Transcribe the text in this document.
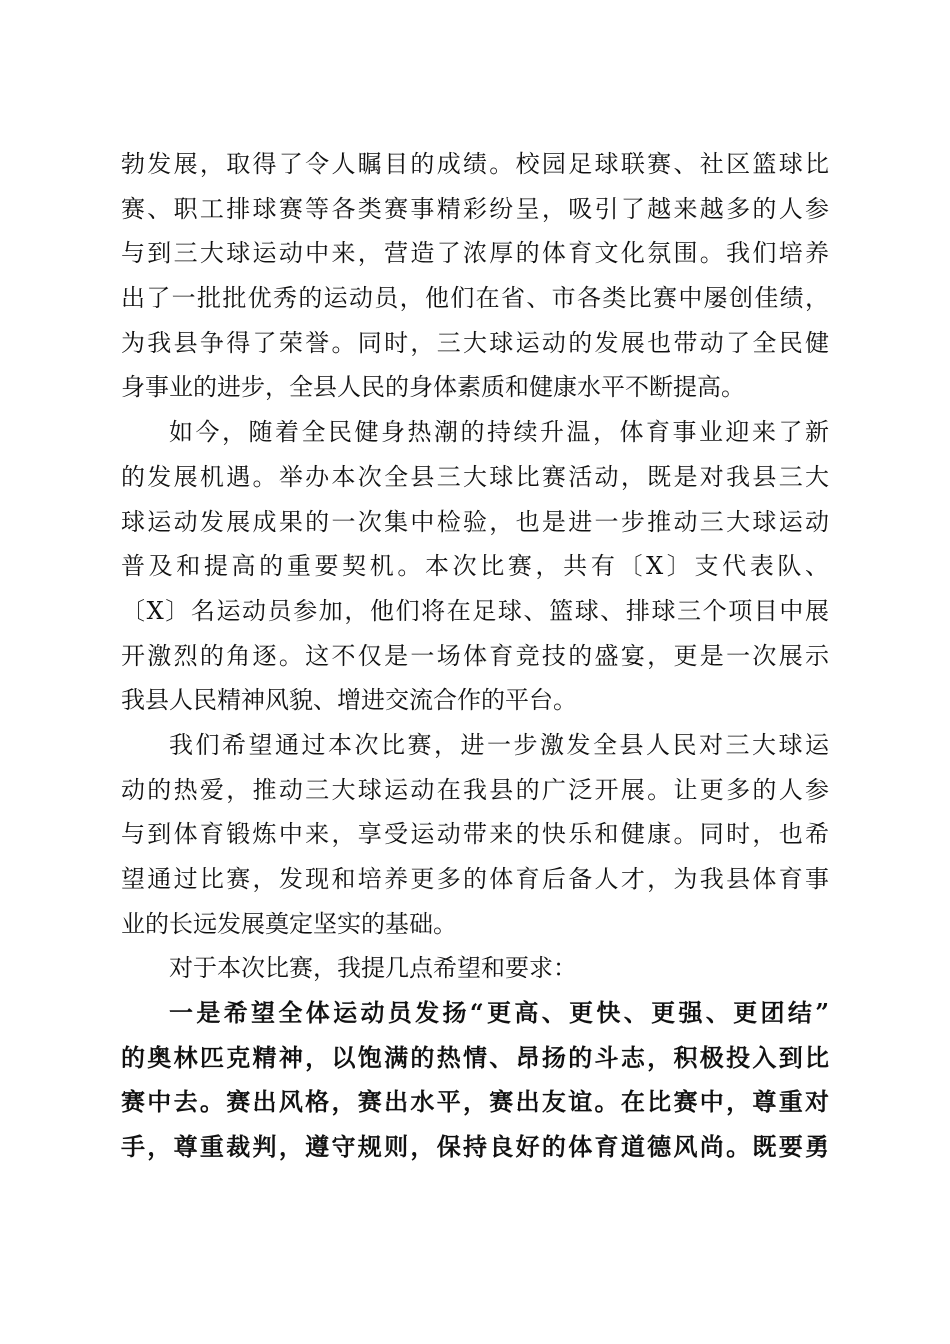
勃发展，取得了令人瞩目的成绩。校园足球联赛、社区篮球比
赛、职工排球赛等各类赛事精彩纷呈，吸引了越来越多的人参
与到三大球运动中来，营造了浓厚的体育文化氛围。我们培养
出了一批批优秀的运动员，他们在省、市各类比赛中屡创佳绩，
为我县争得了荣誉。同时，三大球运动的发展也带动了全民健
身事业的进步，全县人民的身体素质和健康水平不断提高。
如今，随着全民健身热潮的持续升温，体育事业迎来了新
的发展机遇。举办本次全县三大球比赛活动，既是对我县三大
球运动发展成果的一次集中检验，也是进一步推动三大球运动
普及和提高的重要契机。本次比赛，共有〔X〕支代表队、
〔X〕名运动员参加，他们将在足球、篮球、排球三个项目中展
开激烈的角逐。这不仅是一场体育竞技的盛宴，更是一次展示
我县人民精神风貌、增进交流合作的平台。
我们希望通过本次比赛，进一步激发全县人民对三大球运
动的热爱，推动三大球运动在我县的广泛开展。让更多的人参
与到体育锻炼中来，享受运动带来的快乐和健康。同时，也希
望通过比赛，发现和培养更多的体育后备人才，为我县体育事
业的长远发展奠定坚实的基础。
对于本次比赛，我提几点希望和要求：
一是希望全体运动员发扬“更高、更快、更强、更团结”
的奥林匹克精神，以饱满的热情、昂扬的斗志，积极投入到比
赛中去。赛出风格，赛出水平，赛出友谊。在比赛中，尊重对
手，尊重裁判，遵守规则，保持良好的体育道德风尚。既要勇
